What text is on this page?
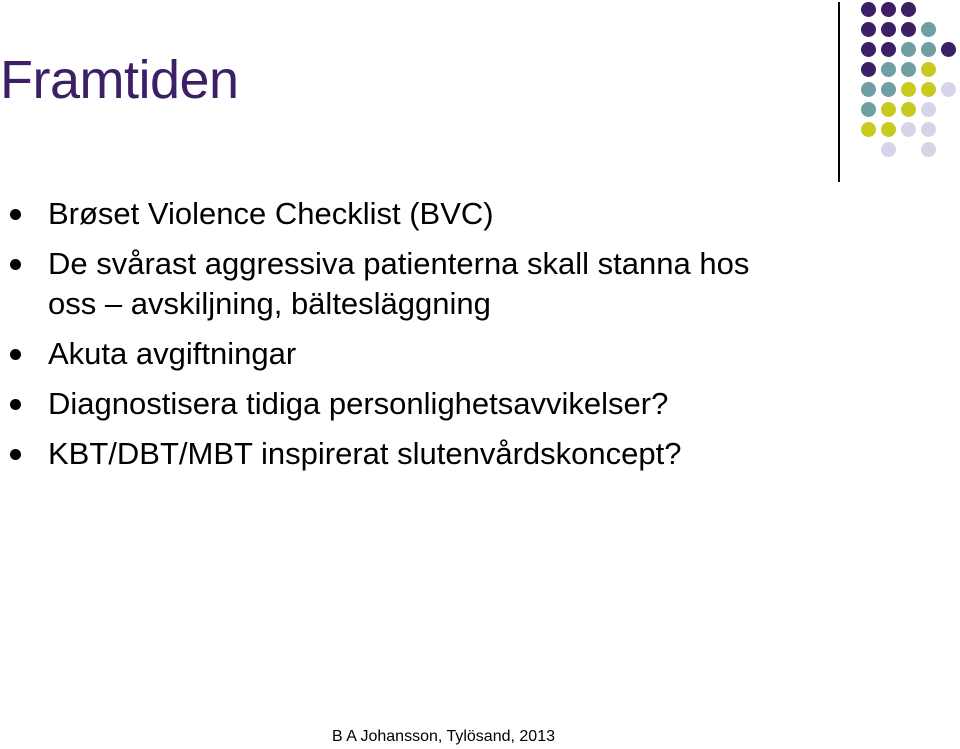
Framtiden
Brøset Violence Checklist (BVC)
De svårast aggressiva patienterna skall stanna hos
oss – avskiljning, bältesläggning
Akuta avgiftningar
Diagnostisera tidiga personlighetsavvikelser?
KBT/DBT/MBT inspirerat slutenvårdskoncept?
B A Johansson, Tylösand, 2013
